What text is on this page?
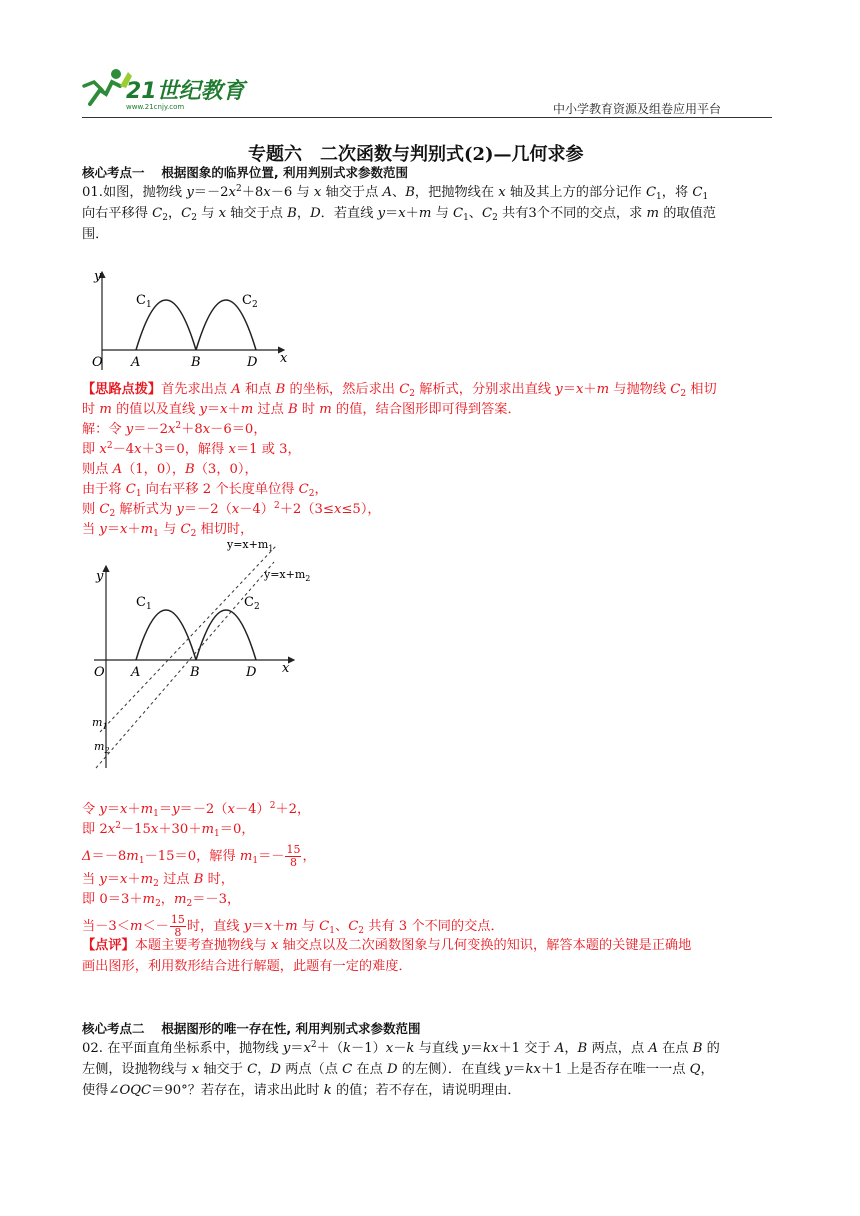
21世纪教育
www.21cnjy.com	中小学教育资源及组卷应用平台
专题六　二次函数与判别式(2)—几何求参
核心考点一　 根据图象的临界位置, 利用判别式求参数范围
01.如图，抛物线 $y=-2x^2+8x-6$ 与 x 轴交于点 A、B，把抛物线在 x 轴及其上方的部分记作 $C_1$，将 $C_1$
向右平移得 $C_2$，$C_2$ 与 x 轴交于点 B，D．若直线 y＝x＋m 与 $C_1$、$C_2$ 共有3个不同的交点，求 m 的取值范
围．
y
O A	B	D x
$C_1$	$C_2$
【思路点拨】首先求出点 A 和点 B 的坐标，然后求出 $C_2$ 解析式，分别求出直线 y＝x＋m 与抛物线 $C_2$ 相切
时 m 的值以及直线 y＝x＋m 过点 B 时 m 的值，结合图形即可得到答案．
解：令 $y=-2x^2+8x-6=0$，
即 $x^2-4x+3=0$，解得 x＝1 或 3，
则点 A（1，0），B（3，0），
由于将 $C_1$ 向右平移 2 个长度单位得 $C_2$，
则 $C_2$ 解析式为 $y=-2(x-4)^2+2(3\le x\le 5)$，
当 $y=x+m_1$ 与 $C_2$ 相切时，
y
O A	B	D x
$C_1$	$C_2$
$y=x+m_1$
$y=x+m_2$
$m_1$
$m_2$
令 $y=x+m_1=y=-2(x-4)^2+2$，
即 $2x^2-15x+30+m_1=0$，
$\Delta=-8m_1-15=0$，解得 $m_1=- \frac{15}{8}$ ，
当 $y=x+m_2$ 过点 B 时，
即 $0=3+m_2$，$m_2=-3$，
当$-3<m<- \frac{15}{8}$ 时，直线 y＝x＋m 与 $C_1$、$C_2$ 共有 3 个不同的交点．
【点评】本题主要考查抛物线与 x 轴交点以及二次函数图象与几何变换的知识，解答本题的关键是正确地
画出图形，利用数形结合进行解题，此题有一定的难度．
核心考点二　 根据图形的唯一存在性, 利用判别式求参数范围
02. 在平面直角坐标系中，抛物线 $y=x^2+(k-1)x-k$ 与直线 y＝kx＋1 交于 A，B 两点，点 A 在点 B 的
左侧，设抛物线与 x 轴交于 C，D 两点（点 C 在点 D 的左侧）．在直线 y＝kx＋1 上是否存在唯一一点 Q，
使得∠OQC＝90°？若存在，请求出此时 k 的值；若不存在，请说明理由．
